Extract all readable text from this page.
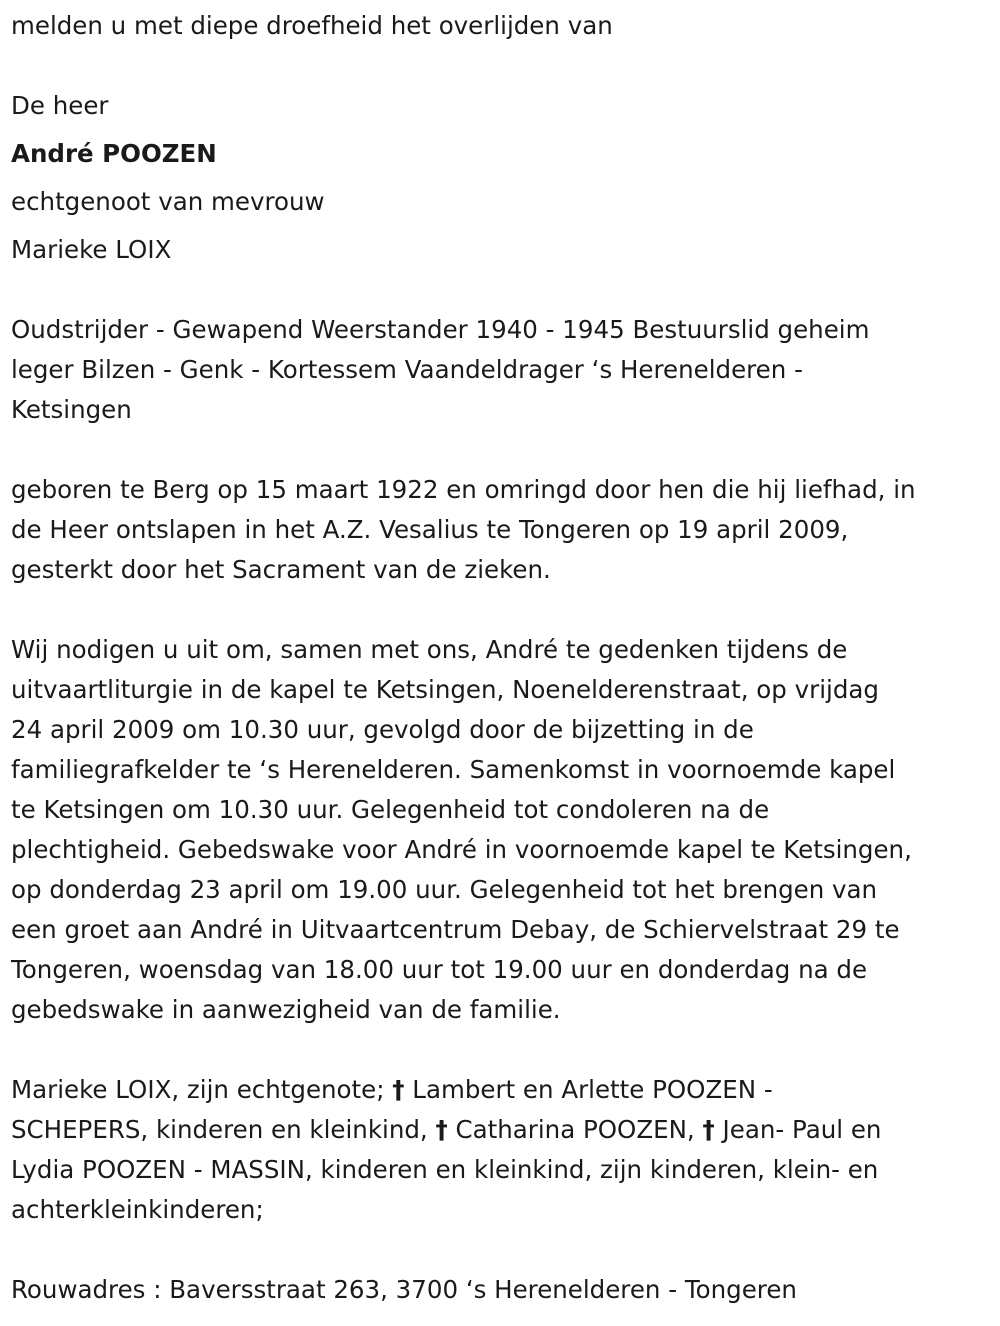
melden u met diepe droefheid het overlijden van
De heer
André POOZEN
echtgenoot van mevrouw
Marieke LOIX
Oudstrijder - Gewapend Weerstander 1940 - 1945 Bestuurslid geheim
leger Bilzen - Genk - Kortessem Vaandeldrager ‘s Herenelderen -
Ketsingen
geboren te Berg op 15 maart 1922 en omringd door hen die hij liefhad, in
de Heer ontslapen in het A.Z. Vesalius te Tongeren op 19 april 2009,
gesterkt door het Sacrament van de zieken.
Wij nodigen u uit om, samen met ons, André te gedenken tijdens de
uitvaartliturgie in de kapel te Ketsingen, Noenelderenstraat, op vrijdag
24 april 2009 om 10.30 uur, gevolgd door de bijzetting in de
familiegrafkelder te ‘s Herenelderen. Samenkomst in voornoemde kapel
te Ketsingen om 10.30 uur. Gelegenheid tot condoleren na de
plechtigheid. Gebedswake voor André in voornoemde kapel te Ketsingen,
op donderdag 23 april om 19.00 uur. Gelegenheid tot het brengen van
een groet aan André in Uitvaartcentrum Debay, de Schiervelstraat 29 te
Tongeren, woensdag van 18.00 uur tot 19.00 uur en donderdag na de
gebedswake in aanwezigheid van de familie.
Marieke LOIX, zijn echtgenote; † Lambert en Arlette POOZEN -
SCHEPERS, kinderen en kleinkind, † Catharina POOZEN, † Jean- Paul en
Lydia POOZEN - MASSIN, kinderen en kleinkind, zijn kinderen, klein- en
achterkleinkinderen;
Rouwadres : Baversstraat 263, 3700 ‘s Herenelderen - Tongeren
